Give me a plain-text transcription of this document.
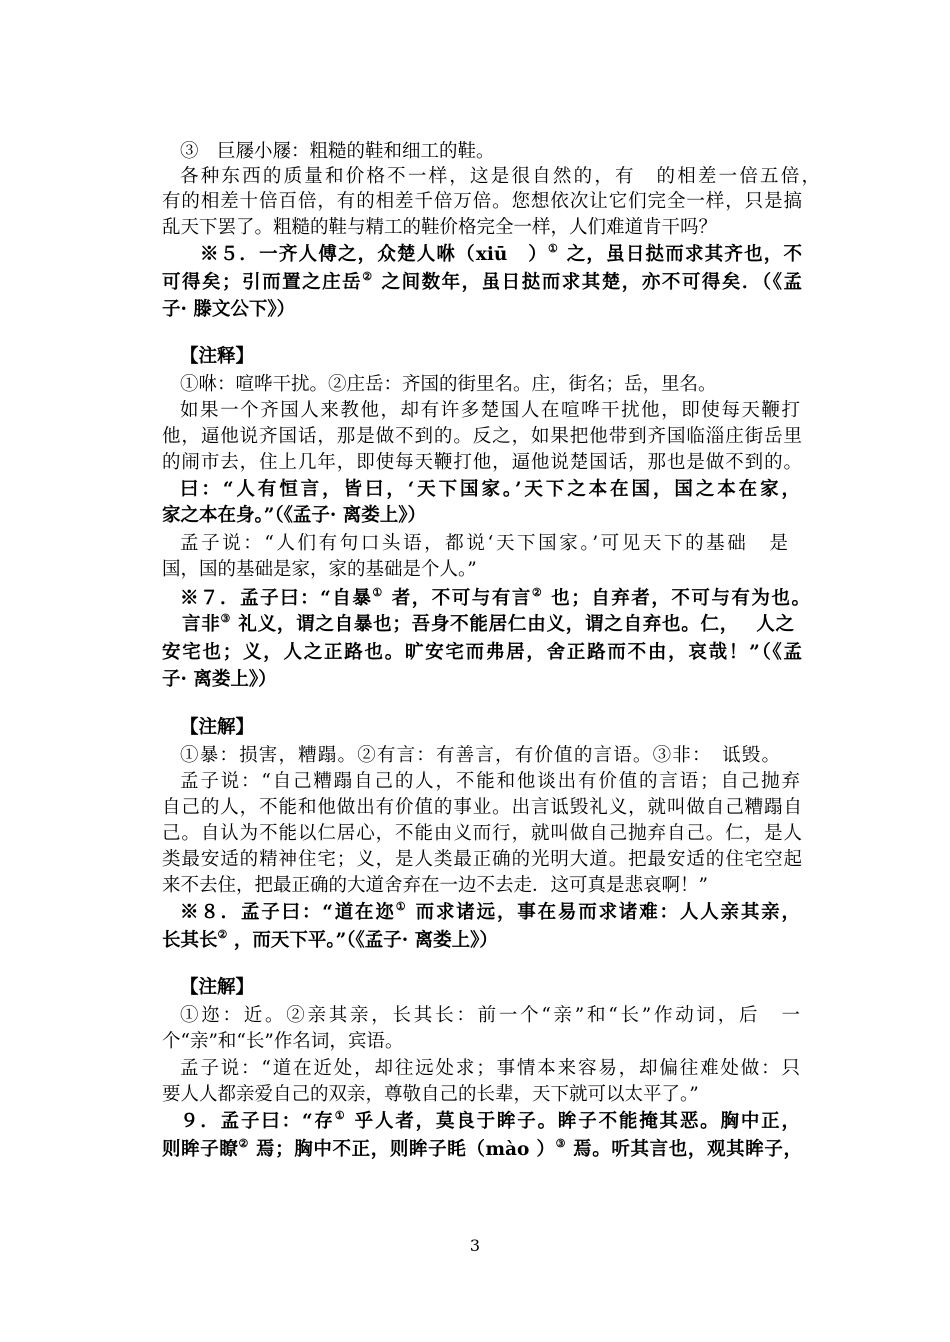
③　巨屦小屦：粗糙的鞋和细工的鞋。
各种东西的质量和价格不一样，这是很自然的，有　的相差一倍五倍，
有的相差十倍百倍，有的相差千倍万倍。您想依次让它们完全一样，只是搞
乱天下罢了。粗糙的鞋与精工的鞋价格完全一样，人们难道肯干吗？
※５．一齐人傅之，众楚人咻（xiū　）① 之，虽日挞而求其齐也，不
可得矣；引而置之庄岳② 之间数年，虽日挞而求其楚，亦不可得矣．（《孟
子· 滕文公下》）
【注释】
①咻：喧哗干扰。②庄岳：齐国的街里名。庄，街名；岳，里名。
如果一个齐国人来教他，却有许多楚国人在喧哗干扰他，即使每天鞭打
他，逼他说齐国话，那是做不到的。反之，如果把他带到齐国临淄庄街岳里
的闹市去，住上几年，即使每天鞭打他，逼他说楚国话，那也是做不到的。
曰：“人有恒言，皆曰，‘天下国家。’天下之本在国，国之本在家，
家之本在身。”（《孟子· 离娄上》）
孟子说：“人们有句口头语，都说‘天下国家。’可见天下的基础　是
国，国的基础是家，家的基础是个人。”
※７．孟子曰：“自暴① 者，不可与有言② 也；自弃者，不可与有为也。
言非③ 礼义，谓之自暴也；吾身不能居仁由义，谓之自弃也。仁，　 人之
安宅也；义，人之正路也。旷安宅而弗居，舍正路而不由，哀哉！”（《孟
子· 离娄上》）
【注解】
①暴：损害，糟蹋。②有言：有善言，有价值的言语。③非：　诋毁。
孟子说：“自己糟蹋自己的人，不能和他谈出有价值的言语；自己抛弃
自己的人，不能和他做出有价值的事业。出言诋毁礼义，就叫做自己糟蹋自
己。自认为不能以仁居心，不能由义而行，就叫做自己抛弃自己。仁，是人
类最安适的精神住宅；义，是人类最正确的光明大道。把最安适的住宅空起
来不去住，把最正确的大道舍弃在一边不去走．这可真是悲哀啊！”
※８．孟子曰：“道在迩① 而求诸远，事在易而求诸难：人人亲其亲，
长其长② ，而天下平。”（《孟子· 离娄上》）
【注解】
①迩：近。②亲其亲，长其长：前一个“亲”和“长”作动词，后　一
个“亲”和“长”作名词，宾语。
孟子说：“道在近处，却往远处求；事情本来容易，却偏往难处做：只
要人人都亲爱自己的双亲，尊敬自己的长辈，天下就可以太平了。”
９．孟子曰：“存① 乎人者，莫良于眸子。眸子不能掩其恶。胸中正，
则眸子瞭② 焉；胸中不正，则眸子眊（mào ）③ 焉。听其言也，观其眸子，
3
